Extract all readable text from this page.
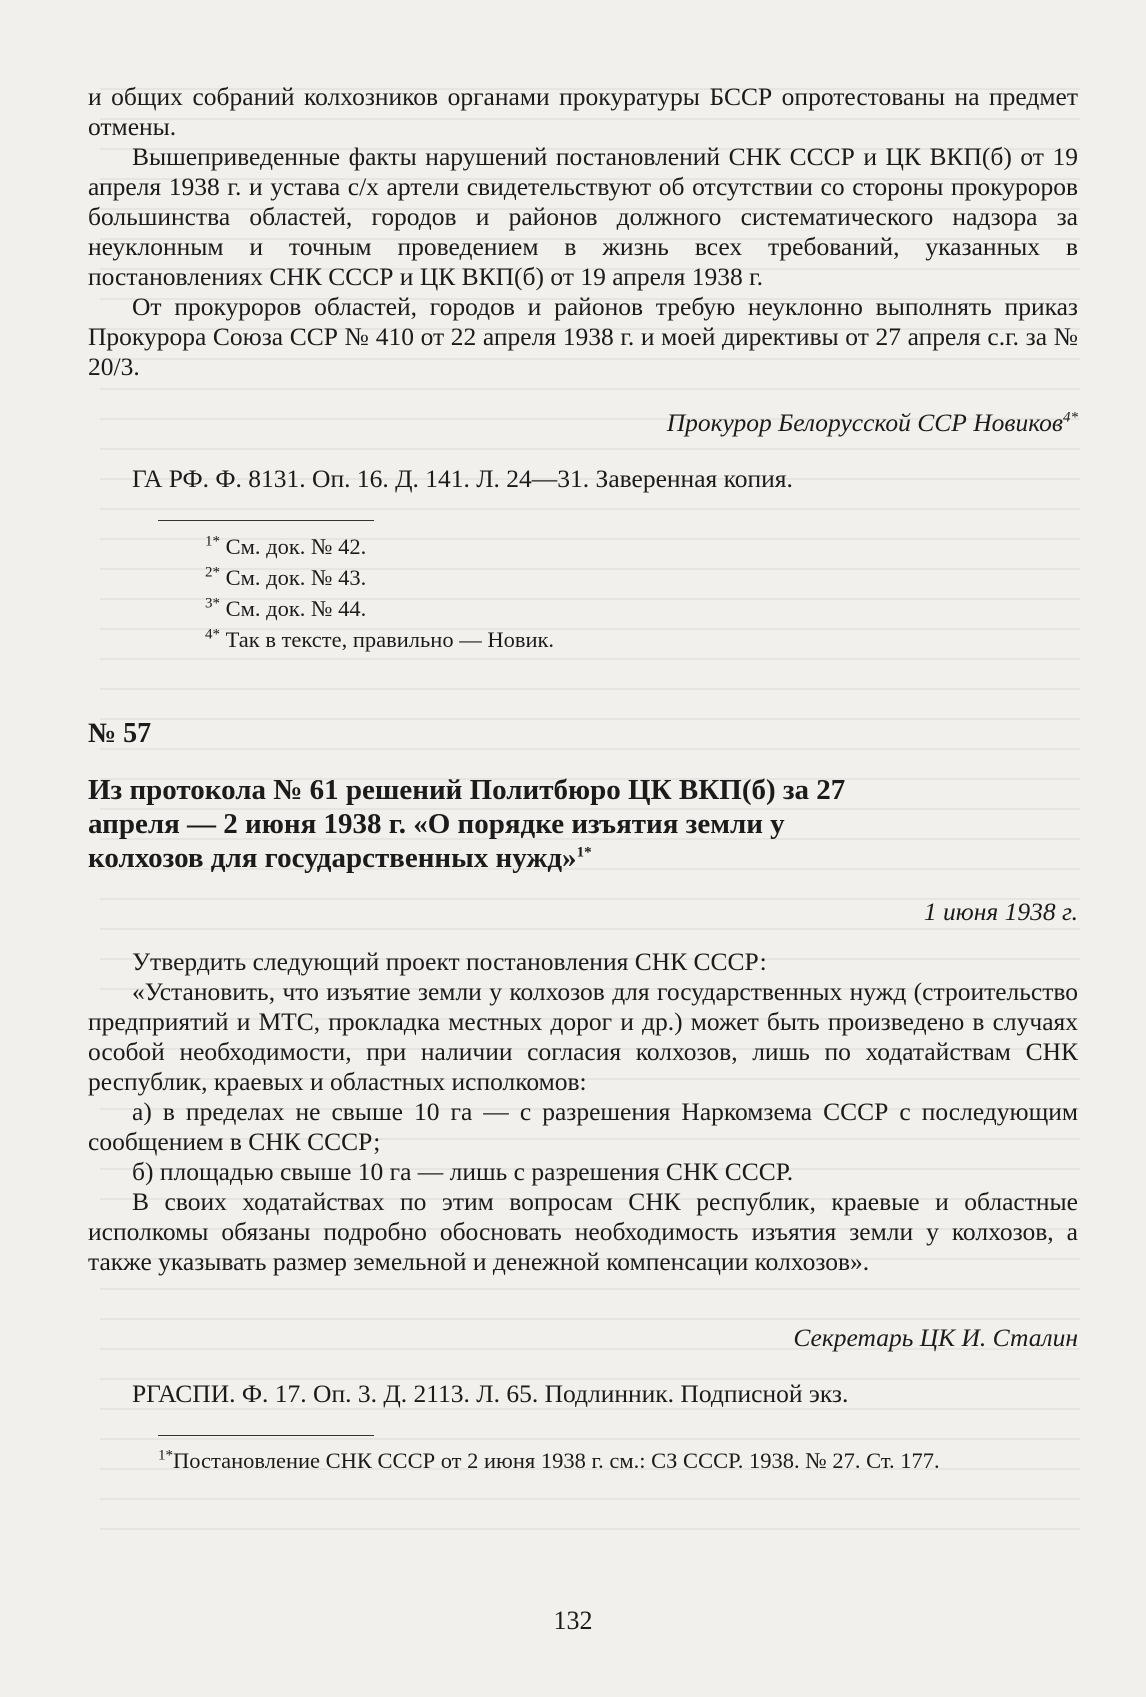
и общих собраний колхозников органами прокуратуры БССР опротестованы на предмет отмены.

Вышеприведенные факты нарушений постановлений СНК СССР и ЦК ВКП(б) от 19 апреля 1938 г. и устава с/х артели свидетельствуют об отсутствии со стороны прокуроров большинства областей, городов и районов должного систематического надзора за неуклонным и точным проведением в жизнь всех требований, указанных в постановлениях СНК СССР и ЦК ВКП(б) от 19 апреля 1938 г.

От прокуроров областей, городов и районов требую неуклонно выполнять приказ Прокурора Союза ССР № 410 от 22 апреля 1938 г. и моей директивы от 27 апреля с.г. за № 20/3.

Прокурор Белорусской ССР Новиков$^{4*}$

ГА РФ. Ф. 8131. Оп. 16. Д. 141. Л. 24—31. Заверенная копия.

$^{1*}$ См. док. № 42.
$^{2*}$ См. док. № 43.
$^{3*}$ См. док. № 44.
$^{4*}$ Так в тексте, правильно — Новик.

№ 57

Из протокола № 61 решений Политбюро ЦК ВКП(б) за 27 апреля — 2 июня 1938 г. «О порядке изъятия земли у колхозов для государственных нужд»$^{1*}$

1 июня 1938 г.

Утвердить следующий проект постановления СНК СССР:

«Установить, что изъятие земли у колхозов для государственных нужд (строительство предприятий и МТС, прокладка местных дорог и др.) может быть произведено в случаях особой необходимости, при наличии согласия колхозов, лишь по ходатайствам СНК республик, краевых и областных исполкомов:

а) в пределах не свыше 10 га — с разрешения Наркомзема СССР с последующим сообщением в СНК СССР;

б) площадью свыше 10 га — лишь с разрешения СНК СССР.

В своих ходатайствах по этим вопросам СНК республик, краевые и областные исполкомы обязаны подробно обосновать необходимость изъятия земли у колхозов, а также указывать размер земельной и денежной компенсации колхозов».

Секретарь ЦК И. Сталин

РГАСПИ. Ф. 17. Оп. 3. Д. 2113. Л. 65. Подлинник. Подписной экз.

$^{1*}$Постановление СНК СССР от 2 июня 1938 г. см.: СЗ СССР. 1938. № 27. Ст. 177.

132
